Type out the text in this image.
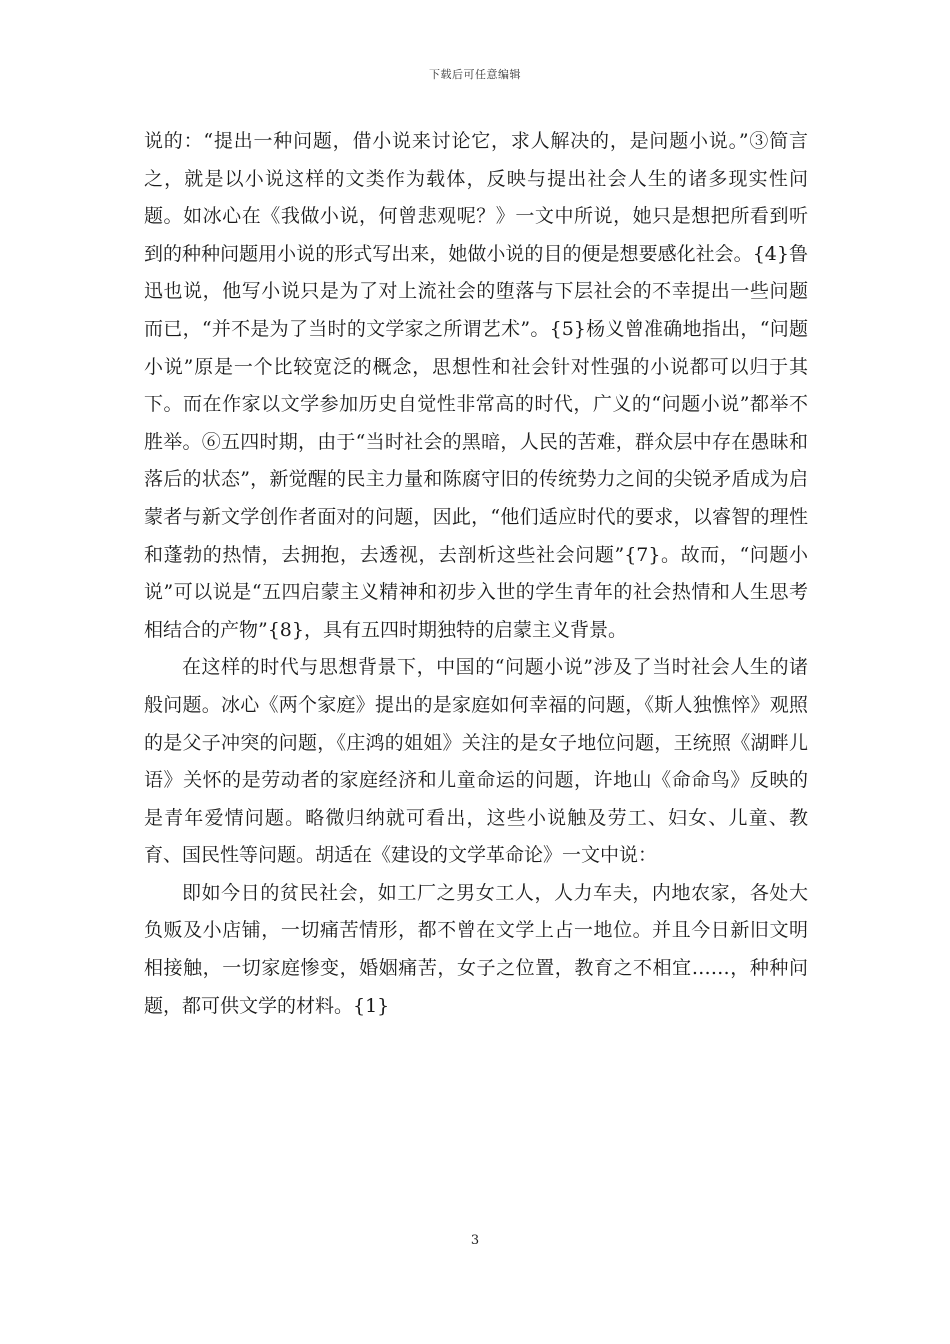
下载后可任意编辑

说的：“提出一种问题，借小说来讨论它，求人解决的，是问题小说。”③简言之，就是以小说这样的文类作为载体，反映与提出社会人生的诸多现实性问题。如冰心在《我做小说，何曾悲观呢？》一文中所说，她只是想把所看到听到的种种问题用小说的形式写出来，她做小说的目的便是想要感化社会。{4}鲁迅也说，他写小说只是为了对上流社会的堕落与下层社会的不幸提出一些问题而已，“并不是为了当时的文学家之所谓艺术”。{5}杨义曾准确地指出，“问题小说”原是一个比较宽泛的概念，思想性和社会针对性强的小说都可以归于其下。而在作家以文学参加历史自觉性非常高的时代，广义的“问题小说”都举不胜举。⑥五四时期，由于“当时社会的黑暗，人民的苦难，群众层中存在愚昧和落后的状态”，新觉醒的民主力量和陈腐守旧的传统势力之间的尖锐矛盾成为启蒙者与新文学创作者面对的问题，因此，“他们适应时代的要求，以睿智的理性和蓬勃的热情，去拥抱，去透视，去剖析这些社会问题”{7}。故而，“问题小说”可以说是“五四启蒙主义精神和初步入世的学生青年的社会热情和人生思考相结合的产物”{8}，具有五四时期独特的启蒙主义背景。

在这样的时代与思想背景下，中国的“问题小说”涉及了当时社会人生的诸般问题。冰心《两个家庭》提出的是家庭如何幸福的问题，《斯人独憔悴》观照的是父子冲突的问题，《庄鸿的姐姐》关注的是女子地位问题，王统照《湖畔儿语》关怀的是劳动者的家庭经济和儿童命运的问题，许地山《命命鸟》反映的是青年爱情问题。略微归纳就可看出，这些小说触及劳工、妇女、儿童、教育、国民性等问题。胡适在《建设的文学革命论》一文中说：

即如今日的贫民社会，如工厂之男女工人，人力车夫，内地农家，各处大负贩及小店铺，一切痛苦情形，都不曾在文学上占一地位。并且今日新旧文明相接触，一切家庭惨变，婚姻痛苦，女子之位置，教育之不相宜……，种种问题，都可供文学的材料。{1}

3
